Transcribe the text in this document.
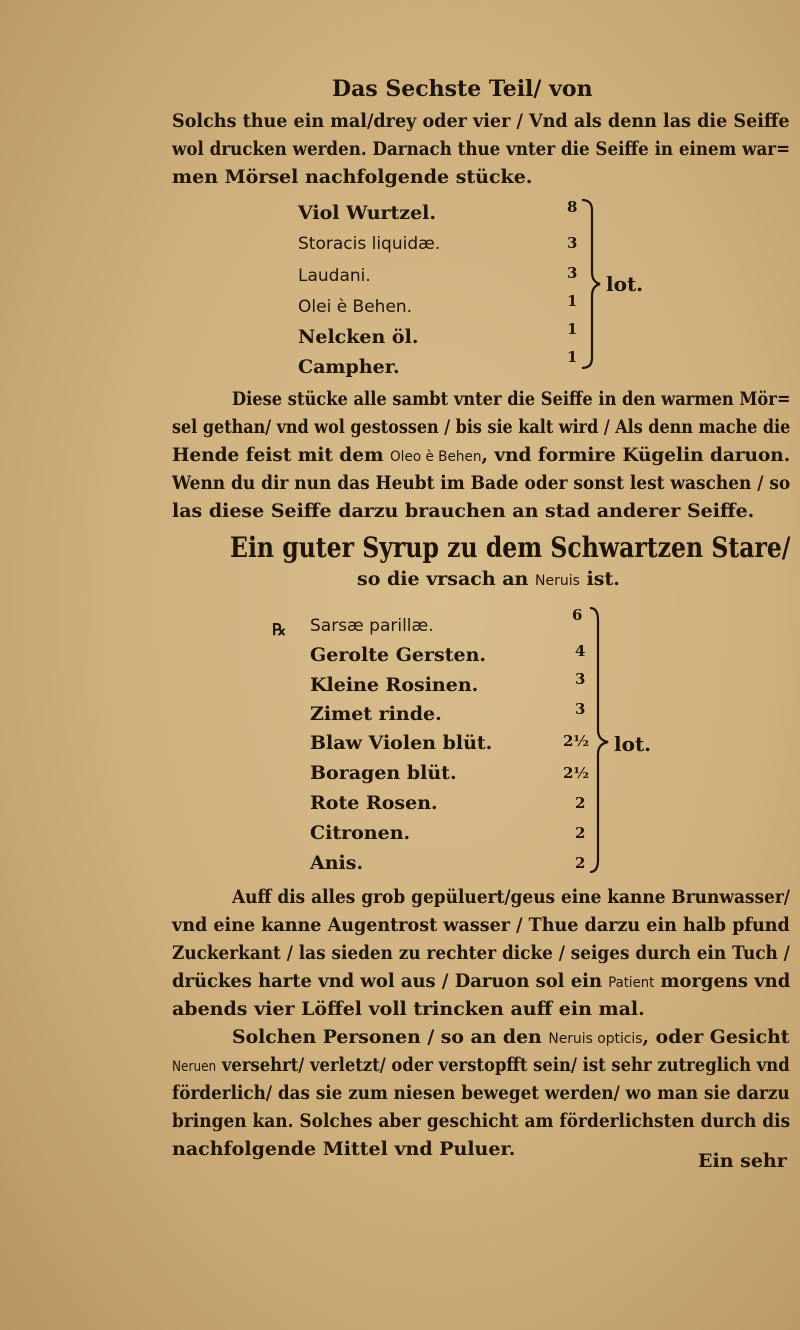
Das Sechste Teil/ von
Solchs thue ein mal/drey oder vier / Vnd als denn las die Seiffe
wol drucken werden. Darnach thue vnter die Seiffe in einem war=
men Mörsel nachfolgende stücke.
Viol Wurtzel.
Storacis liquidæ.
Laudani.
Olei è Behen.
Nelcken öl.
Campher.
8
3
3
1
1
1
lot.
Diese stücke alle sambt vnter die Seiffe in den warmen Mör=
sel gethan/ vnd wol gestossen / bis sie kalt wird / Als denn mache die
Hende feist mit dem Oleo è Behen, vnd formire Kügelin daruon.
Wenn du dir nun das Heubt im Bade oder sonst lest waschen / so
las diese Seiffe darzu brauchen an stad anderer Seiffe.
Ein guter Syrup zu dem Schwartzen Stare/
so die vrsach an Neruis ist.
℞ Sarsæ parillæ.
Gerolte Gersten.
Kleine Rosinen.
Zimet rinde.
Blaw Violen blüt.
Boragen blüt.
Rote Rosen.
Citronen.
Anis.
6
4
3
3
2½
2½
2
2
2
lot.
Auff dis alles grob gepüluert/geus eine kanne Brunwasser/
vnd eine kanne Augentrost wasser / Thue darzu ein halb pfund
Zuckerkant / las sieden zu rechter dicke / seiges durch ein Tuch /
drückes harte vnd wol aus / Daruon sol ein Patient morgens vnd
abends vier Löffel voll trincken auff ein mal.
Solchen Personen / so an den Neruis opticis, oder Gesicht
Neruen versehrt/ verletzt/ oder verstopfft sein/ ist sehr zutreglich vnd
förderlich/ das sie zum niesen beweget werden/ wo man sie darzu
bringen kan. Solches aber geschicht am förderlichsten durch dis
nachfolgende Mittel vnd Puluer.
Ein sehr
